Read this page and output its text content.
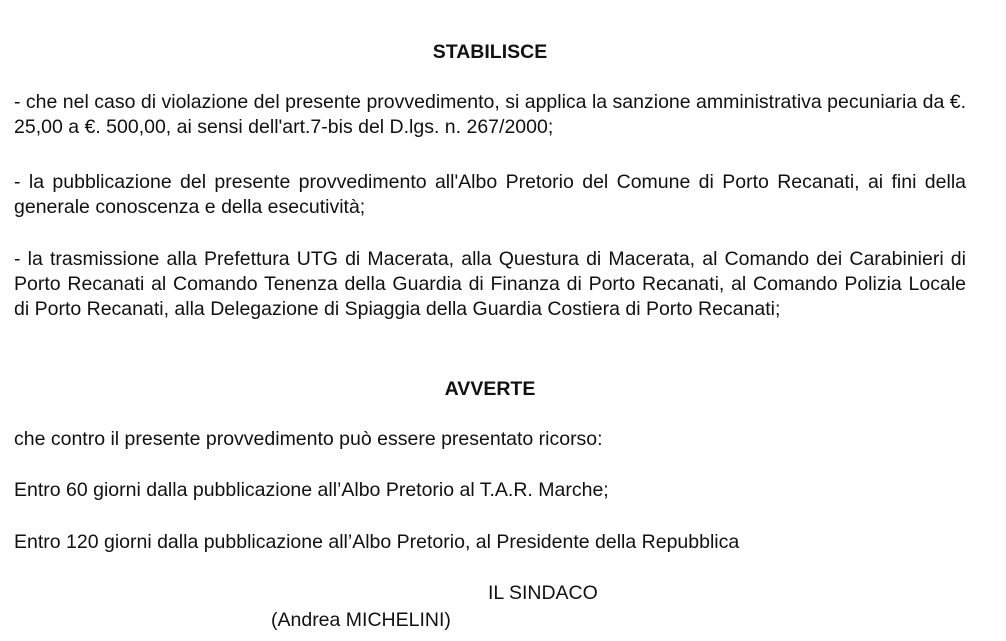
STABILISCE

- che nel caso di violazione del presente provvedimento, si applica la sanzione amministrativa pecuniaria da €. 25,00 a €. 500,00, ai sensi dell'art.7-bis del D.lgs. n. 267/2000;

- la pubblicazione del presente provvedimento all'Albo Pretorio del Comune di Porto Recanati, ai fini della generale conoscenza e della esecutività;

- la trasmissione alla Prefettura UTG di Macerata, alla Questura di Macerata, al Comando dei Carabinieri di Porto Recanati al Comando Tenenza della Guardia di Finanza di Porto Recanati, al Comando Polizia Locale di Porto Recanati, alla Delegazione di Spiaggia della Guardia Costiera di Porto Recanati;

AVVERTE

che contro il presente provvedimento può essere presentato ricorso:

Entro 60 giorni dalla pubblicazione all’Albo Pretorio al T.A.R. Marche;

Entro 120 giorni dalla pubblicazione all’Albo Pretorio, al Presidente della Repubblica

IL SINDACO

(Andrea MICHELINI)
